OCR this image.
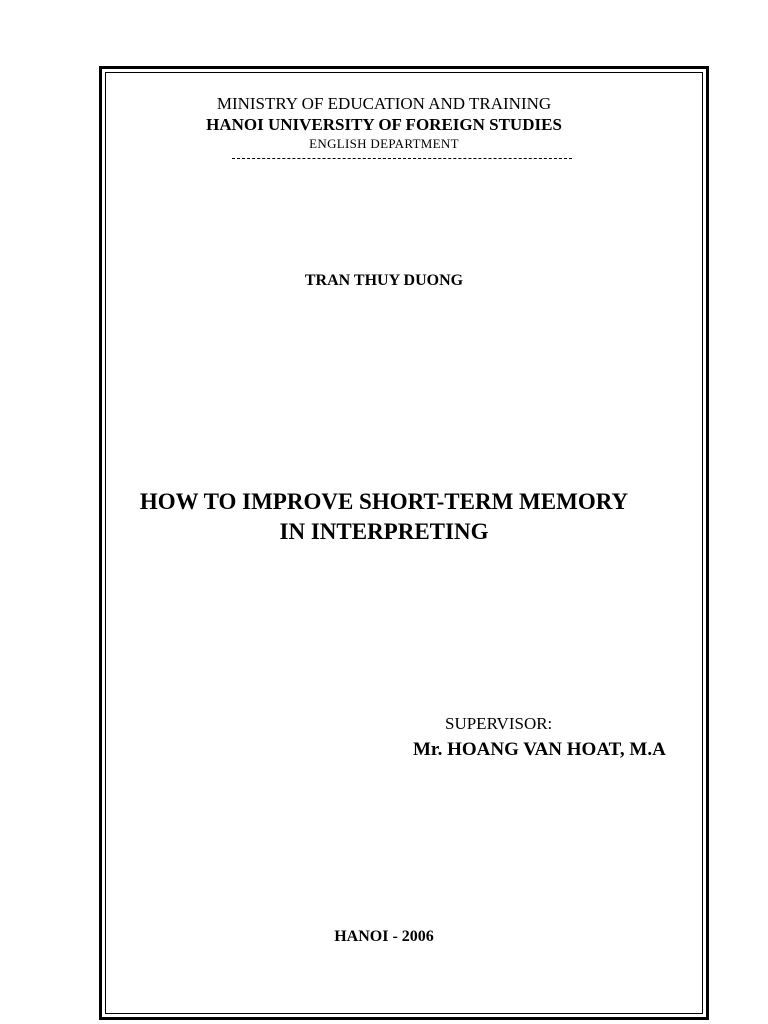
MINISTRY OF EDUCATION AND TRAINING
HANOI UNIVERSITY OF FOREIGN STUDIES
ENGLISH DEPARTMENT
TRAN THUY DUONG
HOW TO IMPROVE SHORT-TERM MEMORY
IN INTERPRETING
SUPERVISOR:
Mr. HOANG VAN HOAT, M.A
HANOI - 2006
